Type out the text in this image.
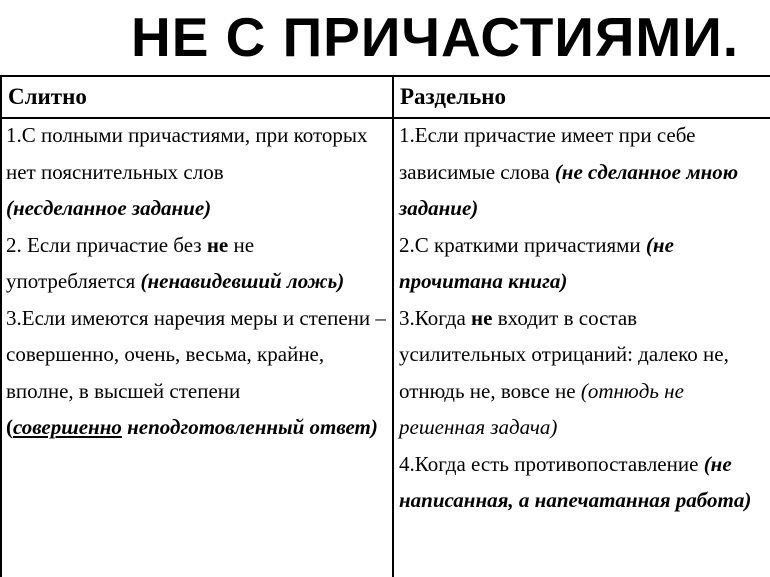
НЕ С ПРИЧАСТИЯМИ.
Слитно	Раздельно
1.С полными причастиями, при которых нет пояснительных слов (несделанное задание)
2. Если причастие без не не употребляется (ненавидевший ложь)
3.Если имеются наречия меры и степени – совершенно, очень, весьма, крайне, вполне, в высшей степени
(совершенно неподготовленный ответ)
1.Если причастие имеет при себе зависимые слова (не сделанное мною задание)
2.С краткими причастиями (не прочитана книга)
3.Когда не входит в состав усилительных отрицаний: далеко не, отнюдь не, вовсе не (отнюдь не решенная задача)
4.Когда есть противопоставление (не написанная, а напечатанная работа)
